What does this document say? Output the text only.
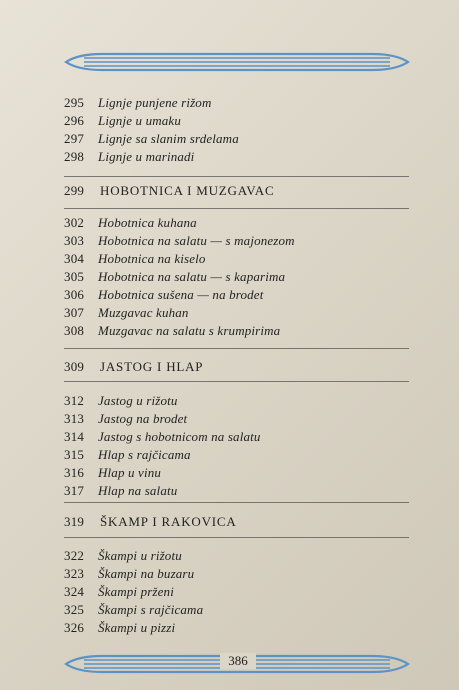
295	Lignje punjene rižom
296	Lignje u umaku
297	Lignje sa slanim srdelama
298	Lignje u marinadi
299	HOBOTNICA I MUZGAVAC
302	Hobotnica kuhana
303	Hobotnica na salatu — s majonezom
304	Hobotnica na kiselo
305	Hobotnica na salatu — s kaparima
306	Hobotnica sušena — na brodet
307	Muzgavac kuhan
308	Muzgavac na salatu s krumpirima
309	JASTOG I HLAP
312	Jastog u rižotu
313	Jastog na brodet
314	Jastog s hobotnicom na salatu
315	Hlap s rajčicama
316	Hlap u vinu
317	Hlap na salatu
319	ŠKAMP I RAKOVICA
322	Škampi u rižotu
323	Škampi na buzaru
324	Škampi prženi
325	Škampi s rajčicama
326	Škampi u pizzi
386
